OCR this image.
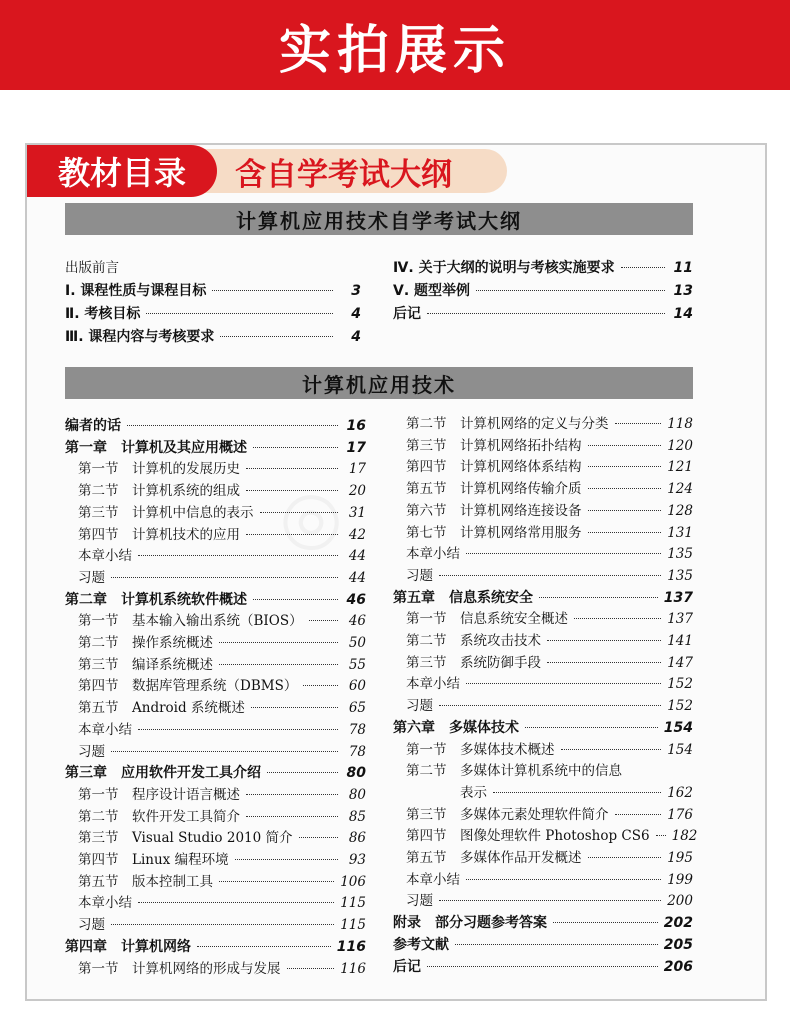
实拍展示
教材目录	含自学考试大纲
计算机应用技术自学考试大纲
出版前言
Ⅰ. 课程性质与课程目标	3
Ⅱ. 考核目标	4
Ⅲ. 课程内容与考核要求	4
Ⅳ. 关于大纲的说明与考核实施要求	11
Ⅴ. 题型举例	13
后记	14
计算机应用技术
编者的话	16
第一章　计算机及其应用概述	17
第一节 计算机的发展历史	17
第二节 计算机系统的组成	20
第三节 计算机中信息的表示	31
第四节 计算机技术的应用	42
本章小结	44
习题	44
第二章　计算机系统软件概述	46
第一节 基本输入输出系统（BIOS）	46
第二节 操作系统概述	50
第三节 编译系统概述	55
第四节 数据库管理系统（DBMS）	60
第五节 Android 系统概述	65
本章小结	78
习题	78
第三章　应用软件开发工具介绍	80
第一节 程序设计语言概述	80
第二节 软件开发工具简介	85
第三节 Visual Studio 2010 简介	86
第四节 Linux 编程环境	93
第五节 版本控制工具	106
本章小结	115
习题	115
第四章　计算机网络	116
第一节 计算机网络的形成与发展	116
第二节 计算机网络的定义与分类	118
第三节 计算机网络拓扑结构	120
第四节 计算机网络体系结构	121
第五节 计算机网络传输介质	124
第六节 计算机网络连接设备	128
第七节 计算机网络常用服务	131
本章小结	135
习题	135
第五章　信息系统安全	137
第一节 信息系统安全概述	137
第二节 系统攻击技术	141
第三节 系统防御手段	147
本章小结	152
习题	152
第六章　多媒体技术	154
第一节 多媒体技术概述	154
第二节 多媒体计算机系统中的信息
表示	162
第三节 多媒体元素处理软件简介	176
第四节 图像处理软件 Photoshop CS6 182
第五节 多媒体作品开发概述	195
本章小结	199
习题	200
附录　部分习题参考答案	202
参考文献	205
后记	206
